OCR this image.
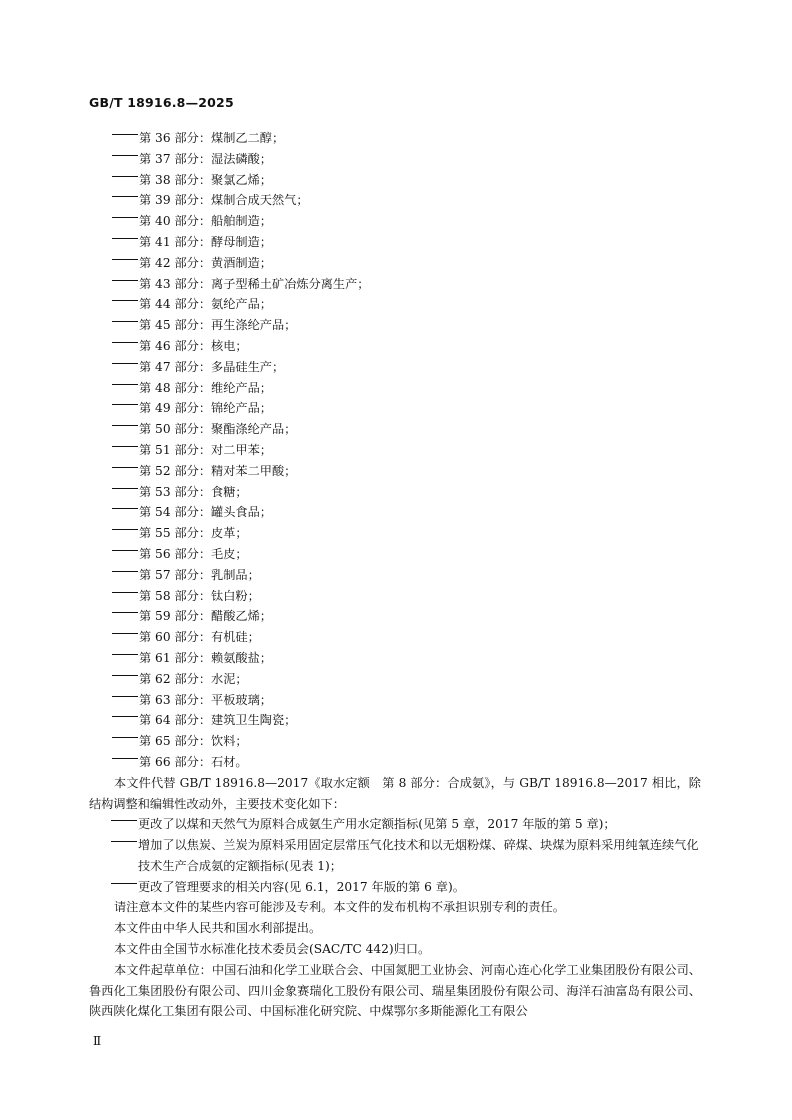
GB/T 18916.8—2025
第 36 部分：煤制乙二醇；
第 37 部分：湿法磷酸；
第 38 部分：聚氯乙烯；
第 39 部分：煤制合成天然气；
第 40 部分：船舶制造；
第 41 部分：酵母制造；
第 42 部分：黄酒制造；
第 43 部分：离子型稀土矿冶炼分离生产；
第 44 部分：氨纶产品；
第 45 部分：再生涤纶产品；
第 46 部分：核电；
第 47 部分：多晶硅生产；
第 48 部分：维纶产品；
第 49 部分：锦纶产品；
第 50 部分：聚酯涤纶产品；
第 51 部分：对二甲苯；
第 52 部分：精对苯二甲酸；
第 53 部分：食糖；
第 54 部分：罐头食品；
第 55 部分：皮革；
第 56 部分：毛皮；
第 57 部分：乳制品；
第 58 部分：钛白粉；
第 59 部分：醋酸乙烯；
第 60 部分：有机硅；
第 61 部分：赖氨酸盐；
第 62 部分：水泥；
第 63 部分：平板玻璃；
第 64 部分：建筑卫生陶瓷；
第 65 部分：饮料；
第 66 部分：石材。
本文件代替 GB/T 18916.8—2017《取水定额　第 8 部分：合成氨》，与 GB/T 18916.8—2017 相比，除结构调整和编辑性改动外，主要技术变化如下：
更改了以煤和天然气为原料合成氨生产用水定额指标(见第 5 章，2017 年版的第 5 章)；
增加了以焦炭、兰炭为原料采用固定层常压气化技术和以无烟粉煤、碎煤、块煤为原料采用纯氧连续气化技术生产合成氨的定额指标(见表 1)；
更改了管理要求的相关内容(见 6.1，2017 年版的第 6 章)。
请注意本文件的某些内容可能涉及专利。本文件的发布机构不承担识别专利的责任。
本文件由中华人民共和国水利部提出。
本文件由全国节水标准化技术委员会(SAC/TC 442)归口。
本文件起草单位：中国石油和化学工业联合会、中国氮肥工业协会、河南心连心化学工业集团股份有限公司、鲁西化工集团股份有限公司、四川金象赛瑞化工股份有限公司、瑞星集团股份有限公司、海洋石油富岛有限公司、陕西陕化煤化工集团有限公司、中国标准化研究院、中煤鄂尔多斯能源化工有限公
Ⅱ
